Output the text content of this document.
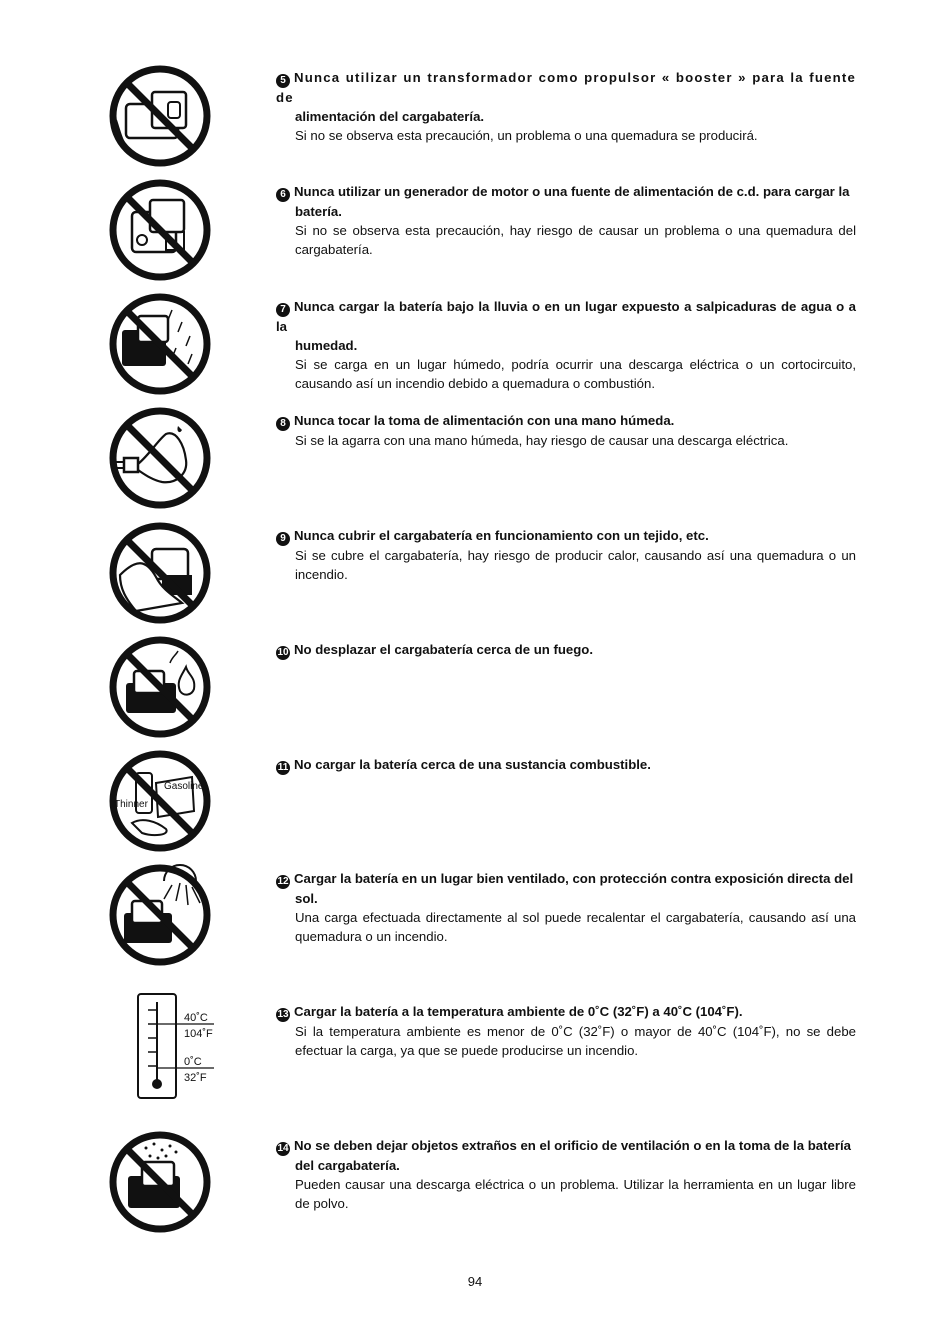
5 Nunca utilizar un transformador como propulsor « booster » para la fuente de
alimentación del cargabatería.
Si no se observa esta precaución, un problema o una quemadura se producirá.
6 Nunca utilizar un generador de motor o una fuente de alimentación de c.d. para cargar la
batería.
Si no se observa esta precaución, hay riesgo de causar un problema o una quemadura del cargabatería.
7 Nunca cargar la batería bajo la lluvia o en un lugar expuesto a salpicaduras de agua o a la
humedad.
Si se carga en un lugar húmedo, podría ocurrir una descarga eléctrica o un cortocircuito, causando así un incendio debido a quemadura o combustión.
8 Nunca tocar la toma de alimentación con una mano húmeda.
Si se la agarra con una mano húmeda, hay riesgo de causar una descarga eléctrica.
9 Nunca cubrir el cargabatería en funcionamiento con un tejido, etc.
Si se cubre el cargabatería, hay riesgo de producir calor, causando así una quemadura o un incendio.
10 No desplazar el cargabatería cerca de un fuego.
Thinner
Gasoline
11 No cargar la batería cerca de una sustancia combustible.
12 Cargar la batería en un lugar bien ventilado, con protección contra exposición directa del
sol.
Una carga efectuada directamente al sol puede recalentar el cargabatería, causando así una quemadura o un incendio.
40˚C
104˚F
0˚C
32˚F
13 Cargar la batería a la temperatura ambiente de 0˚C (32˚F) a 40˚C (104˚F).
Si la temperatura ambiente es menor de 0˚C (32˚F) o mayor de 40˚C (104˚F), no se debe efectuar la carga, ya que se puede producirse un incendio.
14 No se deben dejar objetos extraños en el orificio de ventilación o en la toma de la batería
del cargabatería.
Pueden causar una descarga eléctrica o un problema. Utilizar la herramienta en un lugar libre de polvo.
94
